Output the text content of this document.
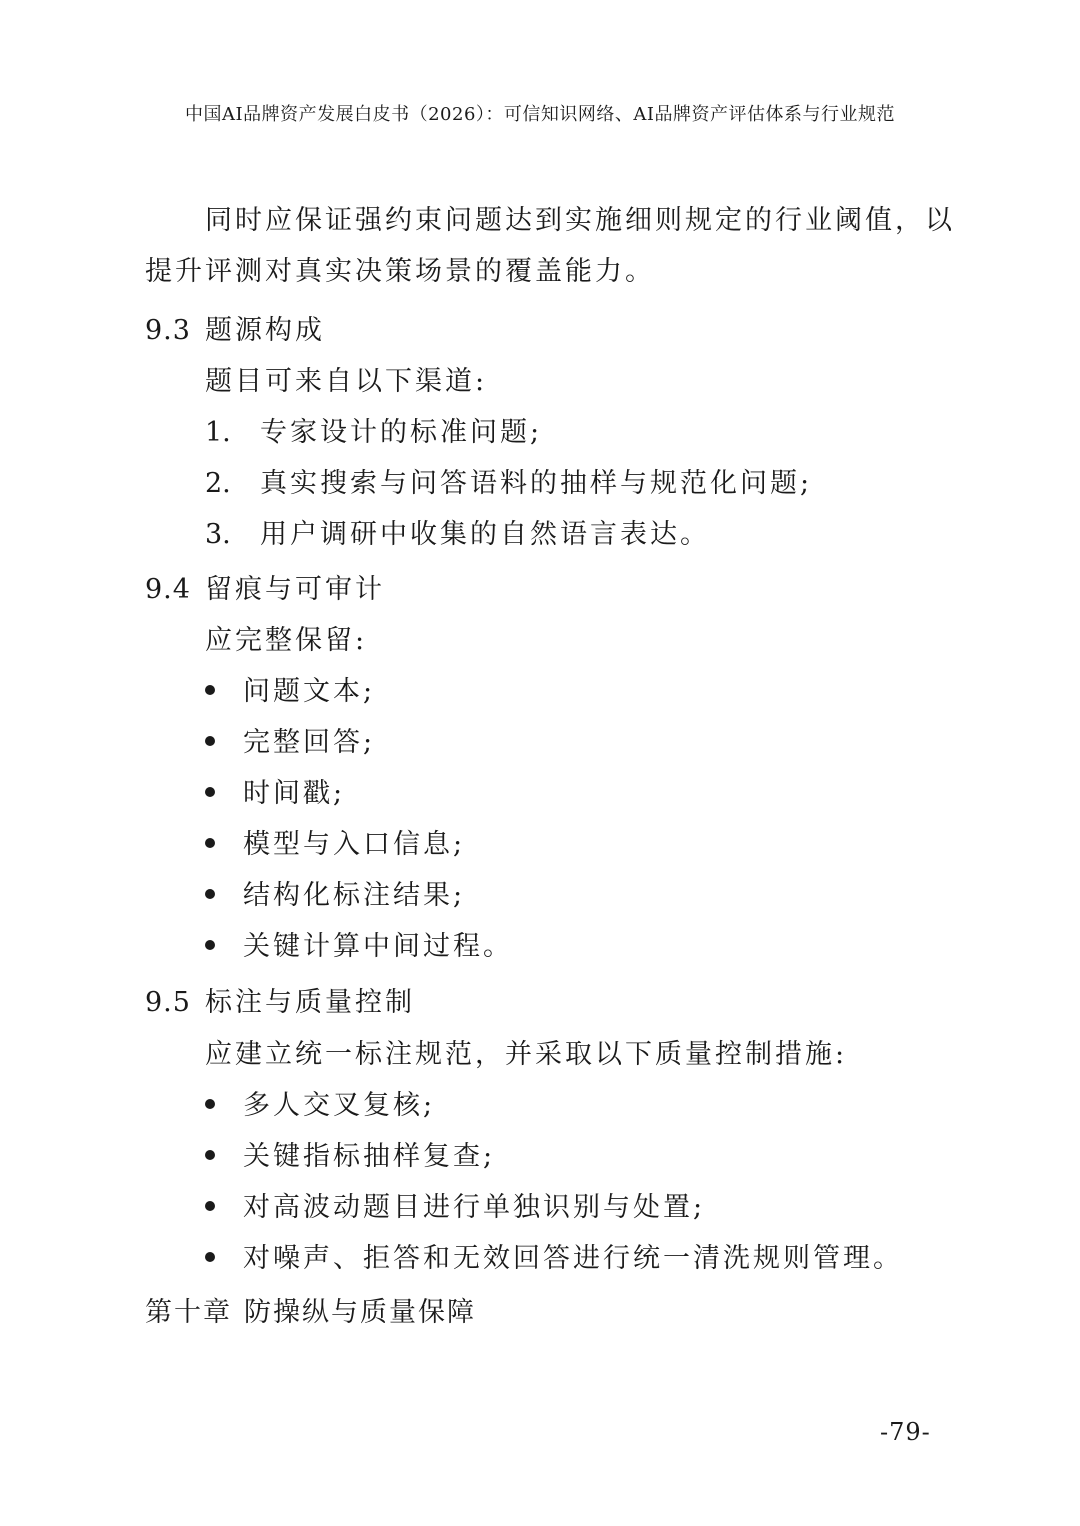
中国AI品牌资产发展白皮书（2026）：可信知识网络、AI品牌资产评估体系与行业规范
同时应保证强约束问题达到实施细则规定的行业阈值，以
提升评测对真实决策场景的覆盖能力。
9.3 题源构成
题目可来自以下渠道:
1. 专家设计的标准问题;
2. 真实搜索与问答语料的抽样与规范化问题;
3. 用户调研中收集的自然语言表达。
9.4 留痕与可审计
应完整保留:
问题文本;
完整回答;
时间戳;
模型与入口信息;
结构化标注结果;
关键计算中间过程。
9.5 标注与质量控制
应建立统一标注规范，并采取以下质量控制措施:
多人交叉复核;
关键指标抽样复查;
对高波动题目进行单独识别与处置;
对噪声、拒答和无效回答进行统一清洗规则管理。
第十章 防操纵与质量保障
-79-
